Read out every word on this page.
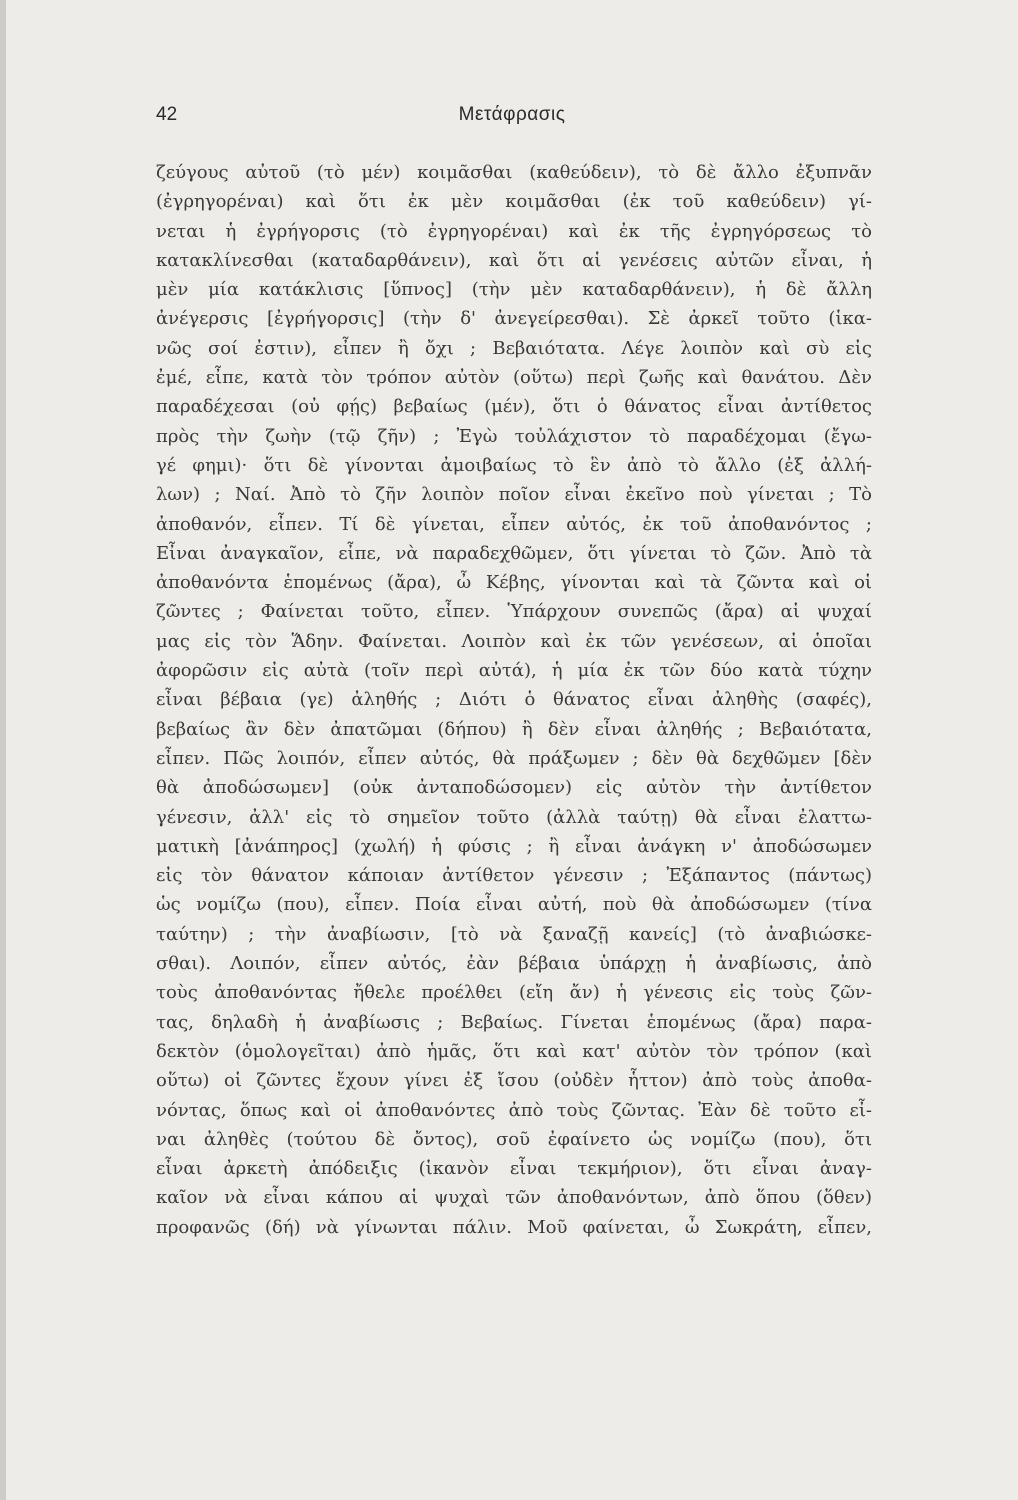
42	Μετάφρασις
ζεύγους αὐτοῦ (τὸ μέν) κοιμᾶσθαι (καθεύδειν), τὸ δὲ ἄλλο ἐξυπνᾶν
(ἐγρηγορέναι) καὶ ὅτι ἐκ μὲν κοιμᾶσθαι (ἐκ τοῦ καθεύδειν) γί-
νεται ἡ ἐγρήγορσις (τὸ ἐγρηγορέναι) καὶ ἐκ τῆς ἐγρηγόρσεως τὸ
κατακλίνεσθαι (καταδαρθάνειν), καὶ ὅτι αἱ γενέσεις αὐτῶν εἶναι, ἡ
μὲν μία κατάκλισις [ὕπνος] (τὴν μὲν καταδαρθάνειν), ἡ δὲ ἄλλη
ἀνέγερσις [ἐγρήγορσις] (τὴν δ' ἀνεγείρεσθαι). Σὲ ἀρκεῖ τοῦτο (ἱκα-
νῶς σοί ἐστιν), εἶπεν ἢ ὄχι ; Βεβαιότατα. Λέγε λοιπὸν καὶ σὺ εἰς
ἐμέ, εἶπε, κατὰ τὸν τρόπον αὐτὸν (οὕτω) περὶ ζωῆς καὶ θανάτου. Δὲν
παραδέχεσαι (οὐ φῄς) βεβαίως (μέν), ὅτι ὁ θάνατος εἶναι ἀντίθετος
πρὸς τὴν ζωὴν (τῷ ζῆν) ; Ἐγὼ τοὐλάχιστον τὸ παραδέχομαι (ἔγω-
γέ φημι)· ὅτι δὲ γίνονται ἀμοιβαίως τὸ ἓν ἀπὸ τὸ ἄλλο (ἐξ ἀλλή-
λων) ; Ναί. Ἀπὸ τὸ ζῆν λοιπὸν ποῖον εἶναι ἐκεῖνο ποὺ γίνεται ; Τὸ
ἀποθανόν, εἶπεν. Τί δὲ γίνεται, εἶπεν αὐτός, ἐκ τοῦ ἀποθανόντος ;
Εἶναι ἀναγκαῖον, εἶπε, νὰ παραδεχθῶμεν, ὅτι γίνεται τὸ ζῶν. Ἀπὸ τὰ
ἀποθανόντα ἑπομένως (ἄρα), ὦ Κέβης, γίνονται καὶ τὰ ζῶντα καὶ οἱ
ζῶντες ; Φαίνεται τοῦτο, εἶπεν. Ὑπάρχουν συνεπῶς (ἄρα) αἱ ψυχαί
μας εἰς τὸν Ἅδην. Φαίνεται. Λοιπὸν καὶ ἐκ τῶν γενέσεων, αἱ ὁποῖαι
ἀφορῶσιν εἰς αὐτὰ (τοῖν περὶ αὐτά), ἡ μία ἐκ τῶν δύο κατὰ τύχην
εἶναι βέβαια (γε) ἀληθής ; Διότι ὁ θάνατος εἶναι ἀληθὴς (σαφές),
βεβαίως ἂν δὲν ἀπατῶμαι (δήπου) ἢ δὲν εἶναι ἀληθής ; Βεβαιότατα,
εἶπεν. Πῶς λοιπόν, εἶπεν αὐτός, θὰ πράξωμεν ; δὲν θὰ δεχθῶμεν [δὲν
θὰ ἀποδώσωμεν] (οὐκ ἀνταποδώσομεν) εἰς αὐτὸν τὴν ἀντίθετον
γένεσιν, ἀλλ' εἰς τὸ σημεῖον τοῦτο (ἀλλὰ ταύτῃ) θὰ εἶναι ἐλαττω-
ματικὴ [ἀνάπηρος] (χωλή) ἡ φύσις ; ἢ εἶναι ἀνάγκη ν' ἀποδώσωμεν
εἰς τὸν θάνατον κάποιαν ἀντίθετον γένεσιν ; Ἐξάπαντος (πάντως)
ὡς νομίζω (που), εἶπεν. Ποία εἶναι αὐτή, ποὺ θὰ ἀποδώσωμεν (τίνα
ταύτην) ; τὴν ἀναβίωσιν, [τὸ νὰ ξαναζῇ κανείς] (τὸ ἀναβιώσκε-
σθαι). Λοιπόν, εἶπεν αὐτός, ἐὰν βέβαια ὑπάρχῃ ἡ ἀναβίωσις, ἀπὸ
τοὺς ἀποθανόντας ἤθελε προέλθει (εἴη ἄν) ἡ γένεσις εἰς τοὺς ζῶν-
τας, δηλαδὴ ἡ ἀναβίωσις ; Βεβαίως. Γίνεται ἑπομένως (ἄρα) παρα-
δεκτὸν (ὁμολογεῖται) ἀπὸ ἡμᾶς, ὅτι καὶ κατ' αὐτὸν τὸν τρόπον (καὶ
οὕτω) οἱ ζῶντες ἔχουν γίνει ἐξ ἴσου (οὐδὲν ἧττον) ἀπὸ τοὺς ἀποθα-
νόντας, ὅπως καὶ οἱ ἀποθανόντες ἀπὸ τοὺς ζῶντας. Ἐὰν δὲ τοῦτο εἶ-
ναι ἀληθὲς (τούτου δὲ ὄντος), σοῦ ἐφαίνετο ὡς νομίζω (που), ὅτι
εἶναι ἀρκετὴ ἀπόδειξις (ἱκανὸν εἶναι τεκμήριον), ὅτι εἶναι ἀναγ-
καῖον νὰ εἶναι κάπου αἱ ψυχαὶ τῶν ἀποθανόντων, ἀπὸ ὅπου (ὅθεν)
προφανῶς (δή) νὰ γίνωνται πάλιν. Μοῦ φαίνεται, ὦ Σωκράτη, εἶπεν,
